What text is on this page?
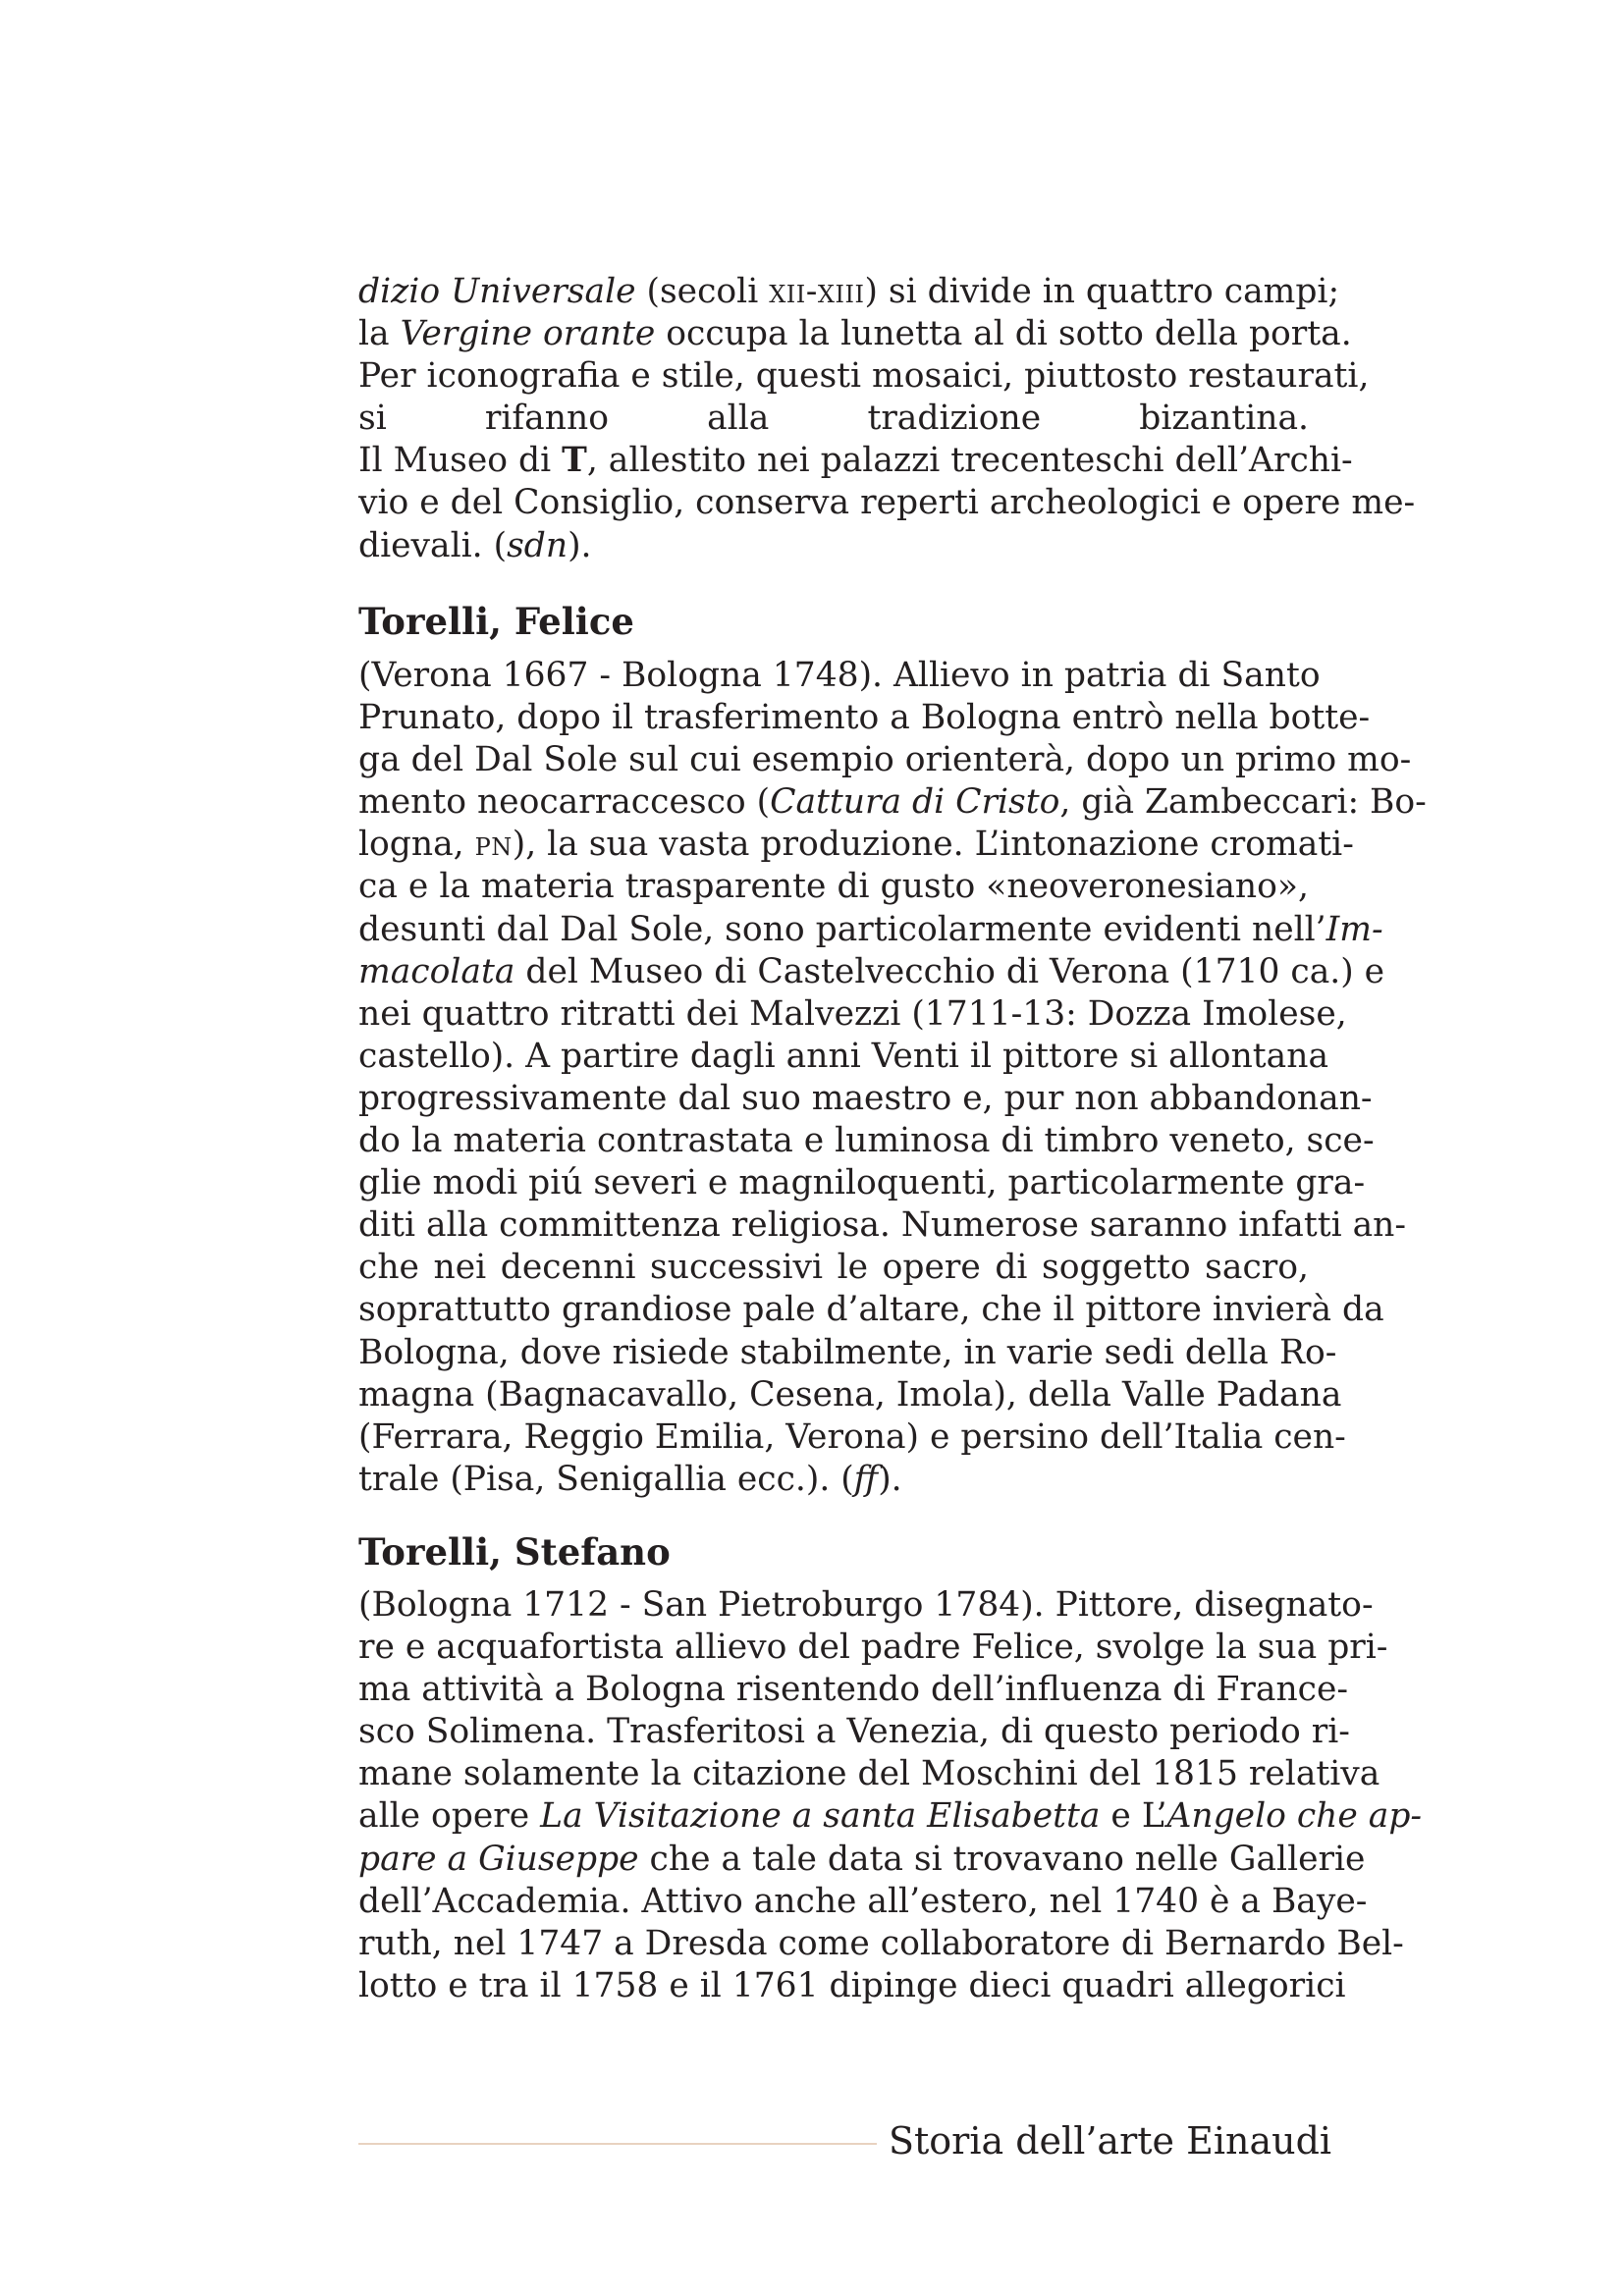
dizio Universale (secoli xii-xiii) si divide in quattro campi;
la Vergine orante occupa la lunetta al di sotto della porta.
Per iconografia e stile, questi mosaici, piuttosto restaurati,
si rifanno alla tradizione bizantina.
Il Museo di T, allestito nei palazzi trecenteschi dell’Archi-
vio e del Consiglio, conserva reperti archeologici e opere me-
dievali. (sdn).
Torelli, Felice
(Verona 1667 - Bologna 1748). Allievo in patria di Santo
Prunato, dopo il trasferimento a Bologna entrò nella botte-
ga del Dal Sole sul cui esempio orienterà, dopo un primo mo-
mento neocarraccesco (Cattura di Cristo, già Zambeccari: Bo-
logna, pn), la sua vasta produzione. L’intonazione cromati-
ca e la materia trasparente di gusto «neoveronesiano»,
desunti dal Dal Sole, sono particolarmente evidenti nell’Im-
macolata del Museo di Castelvecchio di Verona (1710 ca.) e
nei quattro ritratti dei Malvezzi (1711-13: Dozza Imolese,
castello). A partire dagli anni Venti il pittore si allontana
progressivamente dal suo maestro e, pur non abbandonan-
do la materia contrastata e luminosa di timbro veneto, sce-
glie modi piú severi e magniloquenti, particolarmente gra-
diti alla committenza religiosa. Numerose saranno infatti an-
che nei decenni successivi le opere di soggetto sacro,
soprattutto grandiose pale d’altare, che il pittore invierà da
Bologna, dove risiede stabilmente, in varie sedi della Ro-
magna (Bagnacavallo, Cesena, Imola), della Valle Padana
(Ferrara, Reggio Emilia, Verona) e persino dell’Italia cen-
trale (Pisa, Senigallia ecc.). (ff).
Torelli, Stefano
(Bologna 1712 - San Pietroburgo 1784). Pittore, disegnato-
re e acquafortista allievo del padre Felice, svolge la sua pri-
ma attività a Bologna risentendo dell’influenza di France-
sco Solimena. Trasferitosi a Venezia, di questo periodo ri-
mane solamente la citazione del Moschini del 1815 relativa
alle opere La Visitazione a santa Elisabetta e L’Angelo che ap-
pare a Giuseppe che a tale data si trovavano nelle Gallerie
dell’Accademia. Attivo anche all’estero, nel 1740 è a Baye-
ruth, nel 1747 a Dresda come collaboratore di Bernardo Bel-
lotto e tra il 1758 e il 1761 dipinge dieci quadri allegorici
Storia dell’arte Einaudi
